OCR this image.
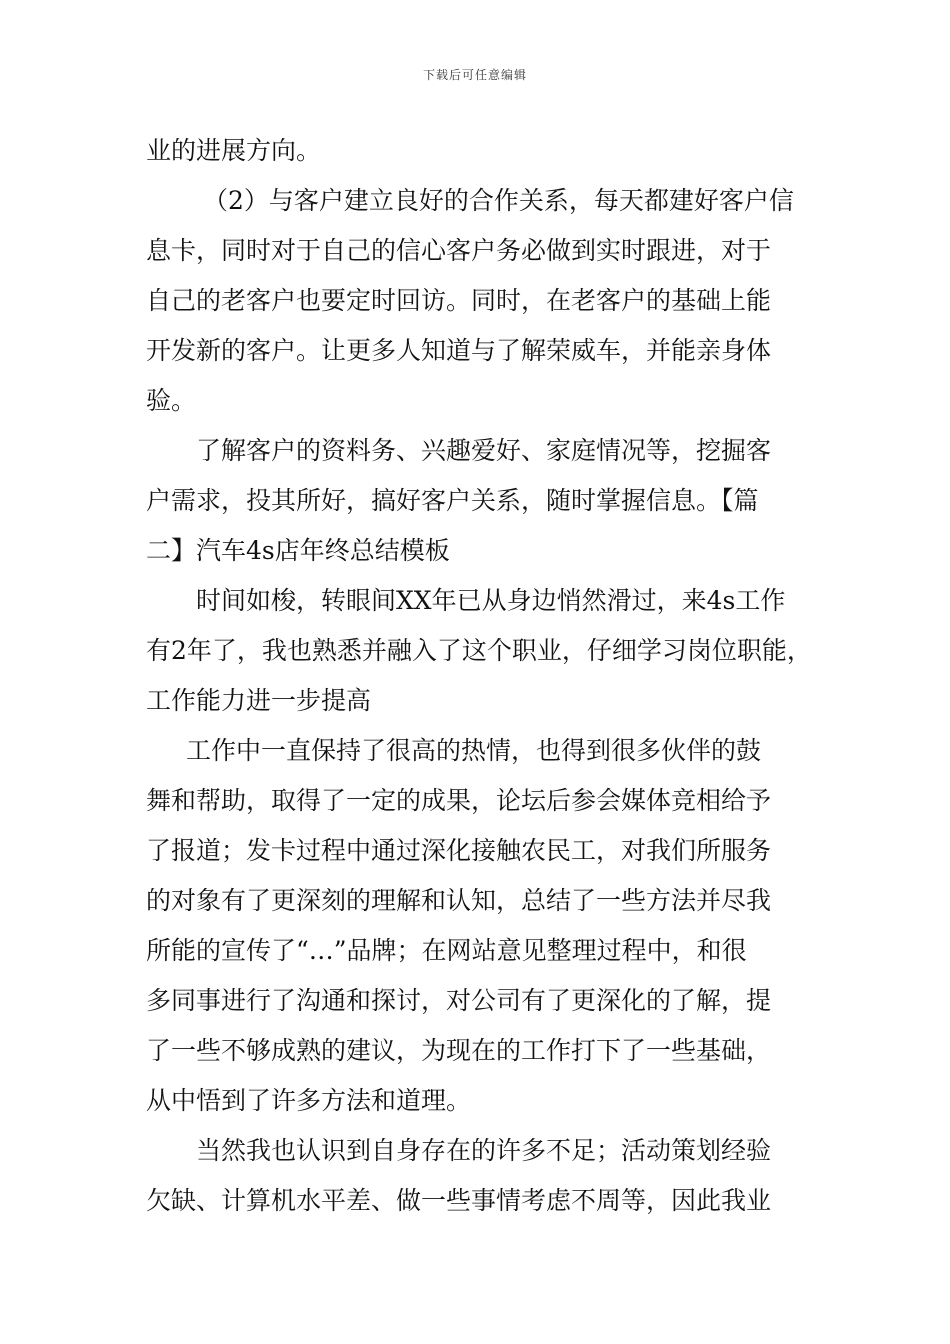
下载后可任意编辑
业的进展方向。
（2）与客户建立良好的合作关系，每天都建好客户信
息卡，同时对于自己的信心客户务必做到实时跟进，对于
自己的老客户也要定时回访。同时，在老客户的基础上能
开发新的客户。让更多人知道与了解荣威车，并能亲身体
验。
了解客户的资料务、兴趣爱好、家庭情况等，挖掘客
户需求，投其所好，搞好客户关系，随时掌握信息。【篇
二】汽车4s店年终总结模板
时间如梭，转眼间XX年已从身边悄然滑过，来4s工作
有2年了，我也熟悉并融入了这个职业，仔细学习岗位职能，
工作能力进一步提高
工作中一直保持了很高的热情，也得到很多伙伴的鼓
舞和帮助，取得了一定的成果，论坛后参会媒体竞相给予
了报道；发卡过程中通过深化接触农民工，对我们所服务
的对象有了更深刻的理解和认知，总结了一些方法并尽我
所能的宣传了“…”品牌；在网站意见整理过程中，和很
多同事进行了沟通和探讨，对公司有了更深化的了解，提
了一些不够成熟的建议，为现在的工作打下了一些基础，
从中悟到了许多方法和道理。
当然我也认识到自身存在的许多不足；活动策划经验
欠缺、计算机水平差、做一些事情考虑不周等，因此我业
